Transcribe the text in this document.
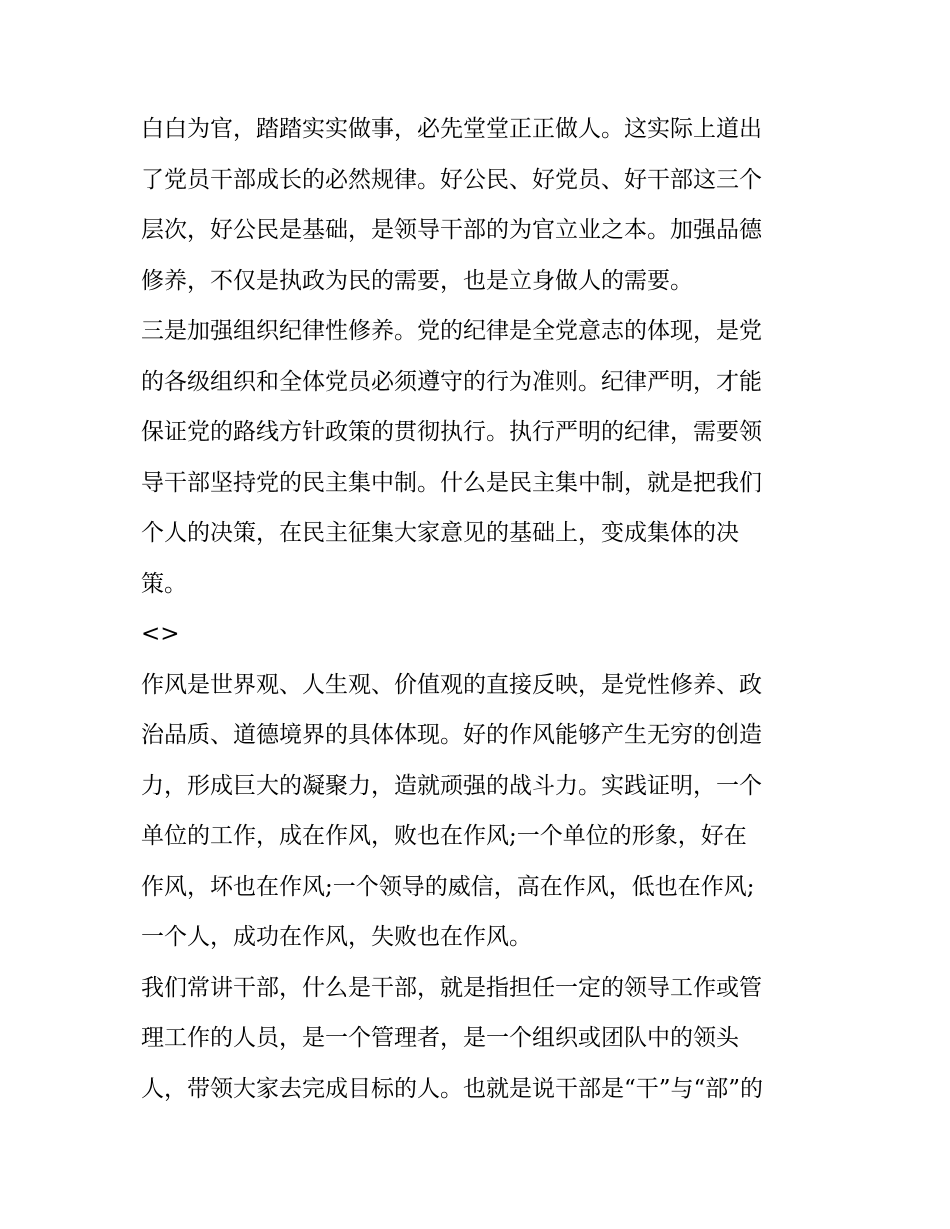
白白为官，踏踏实实做事，必先堂堂正正做人。这实际上道出
了党员干部成长的必然规律。好公民、好党员、好干部这三个
层次，好公民是基础，是领导干部的为官立业之本。加强品德
修养，不仅是执政为民的需要，也是立身做人的需要。
三是加强组织纪律性修养。党的纪律是全党意志的体现，是党
的各级组织和全体党员必须遵守的行为准则。纪律严明，才能
保证党的路线方针政策的贯彻执行。执行严明的纪律，需要领
导干部坚持党的民主集中制。什么是民主集中制，就是把我们
个人的决策，在民主征集大家意见的基础上，变成集体的决
策。
<>
作风是世界观、人生观、价值观的直接反映，是党性修养、政
治品质、道德境界的具体体现。好的作风能够产生无穷的创造
力，形成巨大的凝聚力，造就顽强的战斗力。实践证明，一个
单位的工作，成在作风，败也在作风;一个单位的形象，好在
作风，坏也在作风;一个领导的威信，高在作风，低也在作风;
一个人，成功在作风，失败也在作风。
我们常讲干部，什么是干部，就是指担任一定的领导工作或管
理工作的人员，是一个管理者，是一个组织或团队中的领头
人，带领大家去完成目标的人。也就是说干部是“干”与“部”的
